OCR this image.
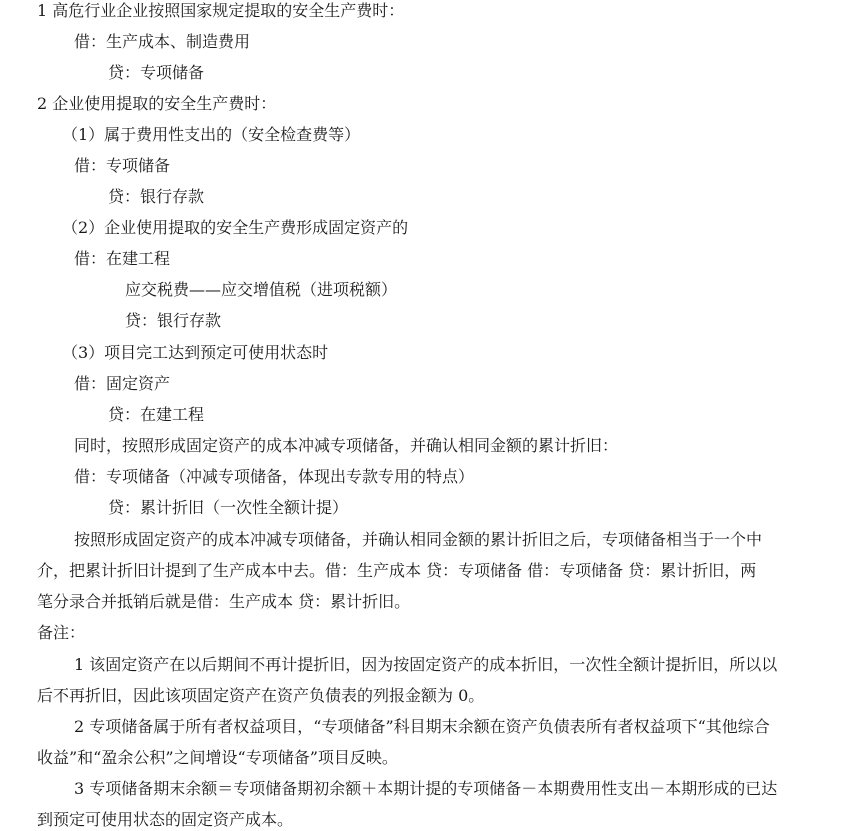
1 高危行业企业按照国家规定提取的安全生产费时：
借：生产成本、制造费用
贷：专项储备
2 企业使用提取的安全生产费时：
（1）属于费用性支出的（安全检查费等）
借：专项储备
贷：银行存款
（2）企业使用提取的安全生产费形成固定资产的
借：在建工程
应交税费——应交增值税（进项税额）
贷：银行存款
（3）项目完工达到预定可使用状态时
借：固定资产
贷：在建工程
同时，按照形成固定资产的成本冲减专项储备，并确认相同金额的累计折旧：
借：专项储备（冲减专项储备，体现出专款专用的特点）
贷：累计折旧（一次性全额计提）
按照形成固定资产的成本冲减专项储备，并确认相同金额的累计折旧之后，专项储备相当于一个中
介，把累计折旧计提到了生产成本中去。借：生产成本 贷：专项储备 借：专项储备 贷：累计折旧，两
笔分录合并抵销后就是借：生产成本 贷：累计折旧。
备注：
1 该固定资产在以后期间不再计提折旧，因为按固定资产的成本折旧，一次性全额计提折旧，所以以
后不再折旧，因此该项固定资产在资产负债表的列报金额为 0。
2 专项储备属于所有者权益项目，“专项储备”科目期末余额在资产负债表所有者权益项下“其他综合
收益”和“盈余公积”之间增设“专项储备”项目反映。
3 专项储备期末余额＝专项储备期初余额＋本期计提的专项储备－本期费用性支出－本期形成的已达
到预定可使用状态的固定资产成本。
